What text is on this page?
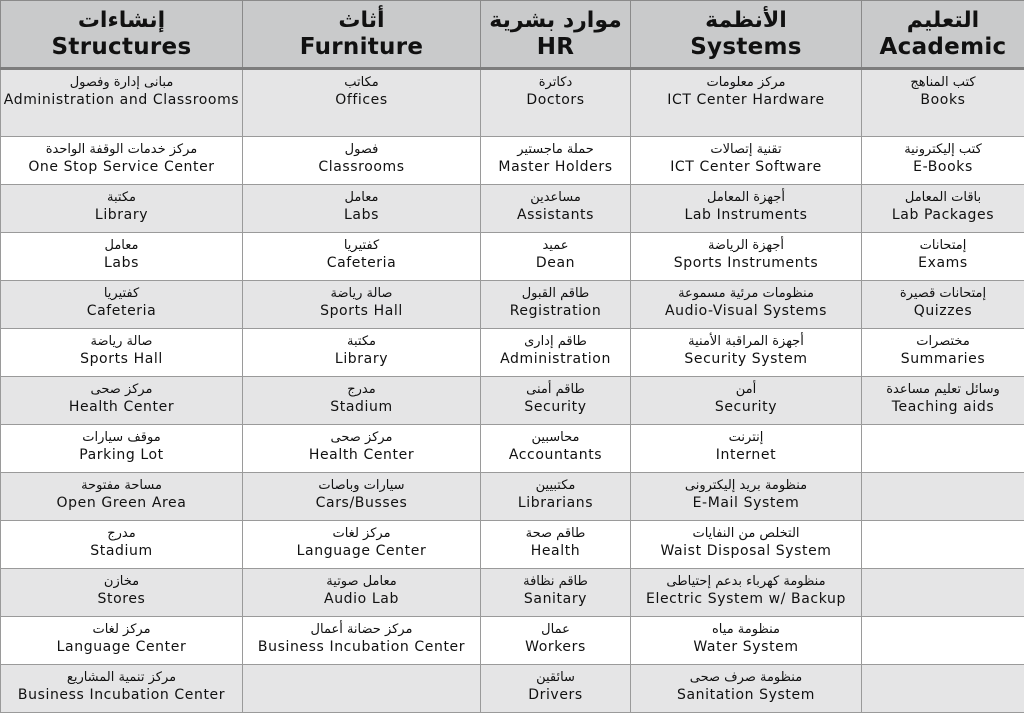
إنشاءات
Structures	أثاث
Furniture	موارد بشرية
HR	الأنظمة
Systems	التعليم
Academic

مبانى إدارة وفصول
Administration and Classrooms	مكاتب
Offices	دكاترة
Doctors	مركز معلومات
ICT Center Hardware	كتب المناهج
Books

مركز خدمات الوقفة الواحدة
One Stop Service Center	فصول
Classrooms	حملة ماجستير
Master Holders	تقنية إتصالات
ICT Center Software	كتب إليكترونية
E-Books

مكتبة
Library	معامل
Labs	مساعدين
Assistants	أجهزة المعامل
Lab Instruments	باقات المعامل
Lab Packages

معامل
Labs	كفتيريا
Cafeteria	عميد
Dean	أجهزة الرياضة
Sports Instruments	إمتحانات
Exams

كفتيريا
Cafeteria	صالة رياضة
Sports Hall	طاقم القبول
Registration	منظومات مرئية مسموعة
Audio-Visual Systems	إمتحانات قصيرة
Quizzes

صالة رياضة
Sports Hall	مكتبة
Library	طاقم إدارى
Administration	أجهزة المراقبة الأمنية
Security System	مختصرات
Summaries

مركز صحى
Health Center	مدرج
Stadium	طاقم أمنى
Security	أمن
Security	وسائل تعليم مساعدة
Teaching aids

موقف سيارات
Parking Lot	مركز صحى
Health Center	محاسبين
Accountants	إنترنت
Internet	

مساحة مفتوحة
Open Green Area	سيارات وباصات
Cars/Busses	مكتبيين
Librarians	منظومة بريد إليكترونى
E-Mail System	

مدرج
Stadium	مركز لغات
Language Center	طاقم صحة
Health	التخلص من النفايات
Waist Disposal System	

مخازن
Stores	معامل صوتية
Audio Lab	طاقم نظافة
Sanitary	منظومة كهرباء بدعم إحتياطى
Electric System w/ Backup	

مركز لغات
Language Center	مركز حضانة أعمال
Business Incubation Center	عمال
Workers	منظومة مياه
Water System	

مركز تنمية المشاريع
Business Incubation Center		سائقين
Drivers	منظومة صرف صحى
Sanitation System	
